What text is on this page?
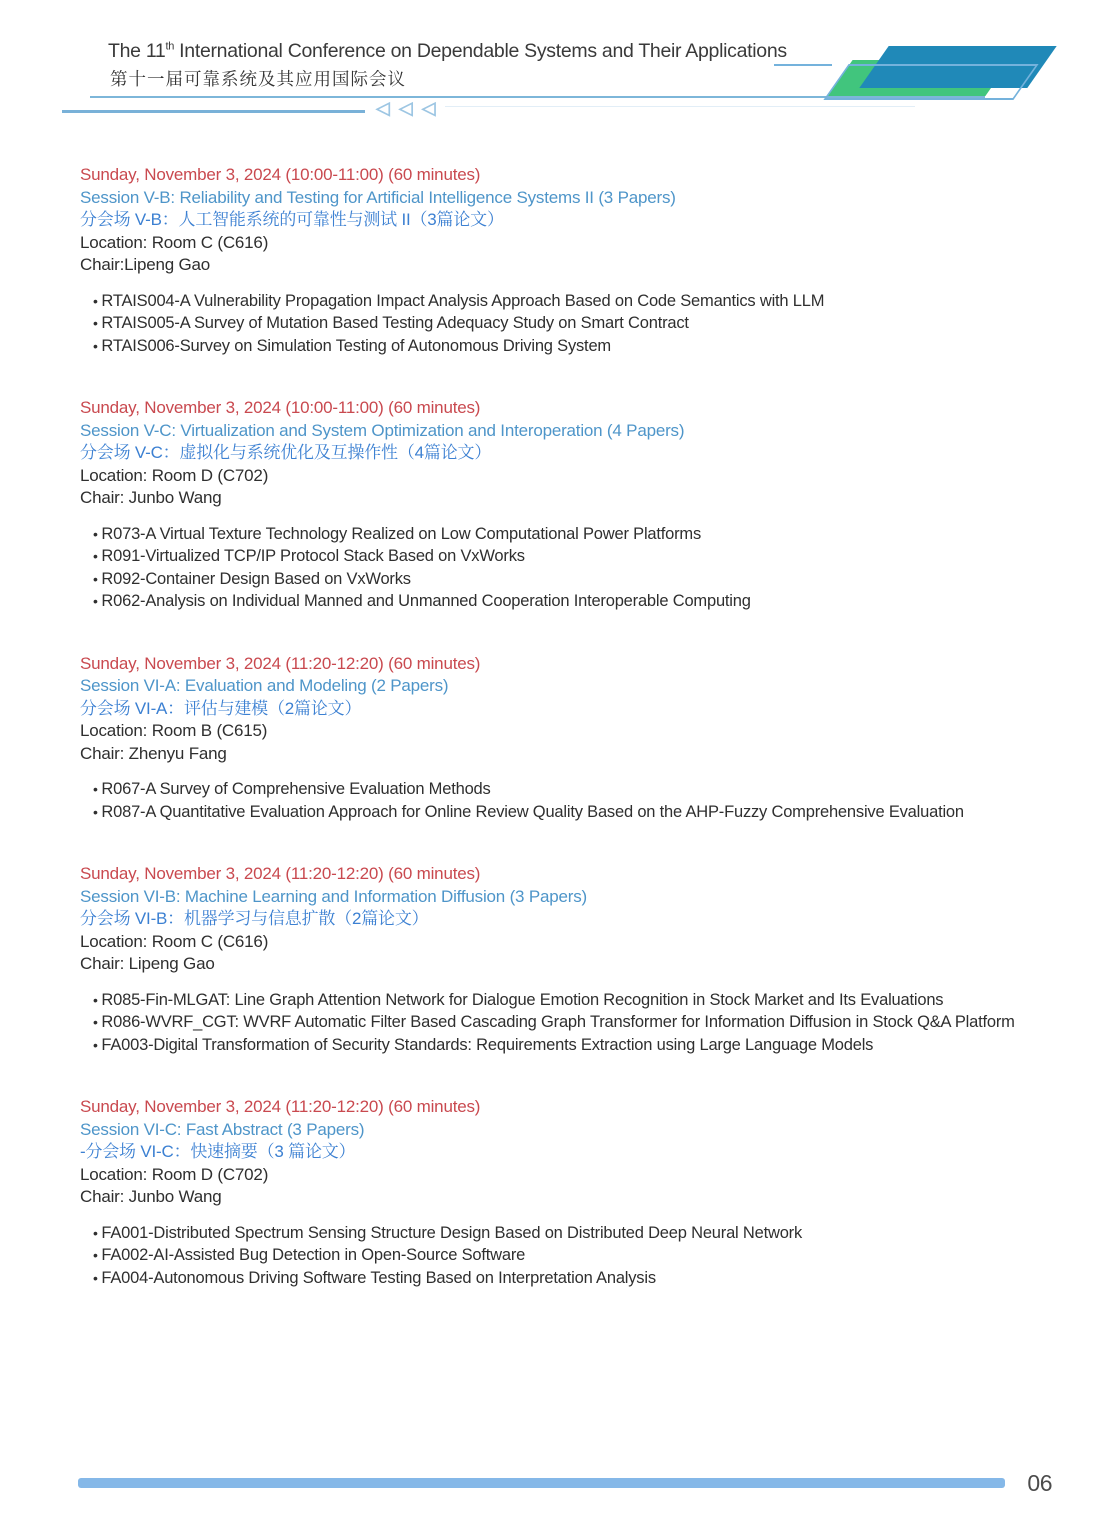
The 11th International Conference on Dependable Systems and Their Applications
第十一届可靠系统及其应用国际会议
◁ ◁ ◁
Sunday, November 3, 2024 (10:00-11:00) (60 minutes)
Session V-B: Reliability and Testing for Artificial Intelligence Systems II (3 Papers)
分会场 V-B：人工智能系统的可靠性与测试 II（3篇论文）
Location: Room C (C616)
Chair:Lipeng Gao
• RTAIS004-A Vulnerability Propagation Impact Analysis Approach Based on Code Semantics with LLM
• RTAIS005-A Survey of Mutation Based Testing Adequacy Study on Smart Contract
• RTAIS006-Survey on Simulation Testing of Autonomous Driving System
Sunday, November 3, 2024 (10:00-11:00) (60 minutes)
Session V-C: Virtualization and System Optimization and Interoperation (4 Papers)
分会场 V-C：虚拟化与系统优化及互操作性（4篇论文）
Location: Room D (C702)
Chair: Junbo Wang
• R073-A Virtual Texture Technology Realized on Low Computational Power Platforms
• R091-Virtualized TCP/IP Protocol Stack Based on VxWorks
• R092-Container Design Based on VxWorks
• R062-Analysis on Individual Manned and Unmanned Cooperation Interoperable Computing
Sunday, November 3, 2024 (11:20-12:20) (60 minutes)
Session VI-A: Evaluation and Modeling (2 Papers)
分会场 VI-A：评估与建模（2篇论文）
Location: Room B (C615)
Chair: Zhenyu Fang
• R067-A Survey of Comprehensive Evaluation Methods
• R087-A Quantitative Evaluation Approach for Online Review Quality Based on the AHP-Fuzzy Comprehensive Evaluation
Sunday, November 3, 2024 (11:20-12:20) (60 minutes)
Session VI-B: Machine Learning and Information Diffusion (3 Papers)
分会场 VI-B：机器学习与信息扩散（2篇论文）
Location: Room C (C616)
Chair: Lipeng Gao
• R085-Fin-MLGAT: Line Graph Attention Network for Dialogue Emotion Recognition in Stock Market and Its Evaluations
• R086-WVRF_CGT: WVRF Automatic Filter Based Cascading Graph Transformer for Information Diffusion in Stock Q&A Platform
• FA003-Digital Transformation of Security Standards: Requirements Extraction using Large Language Models
Sunday, November 3, 2024 (11:20-12:20) (60 minutes)
Session VI-C: Fast Abstract (3 Papers)
-分会场 VI-C：快速摘要（3 篇论文）
Location: Room D (C702)
Chair: Junbo Wang
• FA001-Distributed Spectrum Sensing Structure Design Based on Distributed Deep Neural Network
• FA002-AI-Assisted Bug Detection in Open-Source Software
• FA004-Autonomous Driving Software Testing Based on Interpretation Analysis
06
